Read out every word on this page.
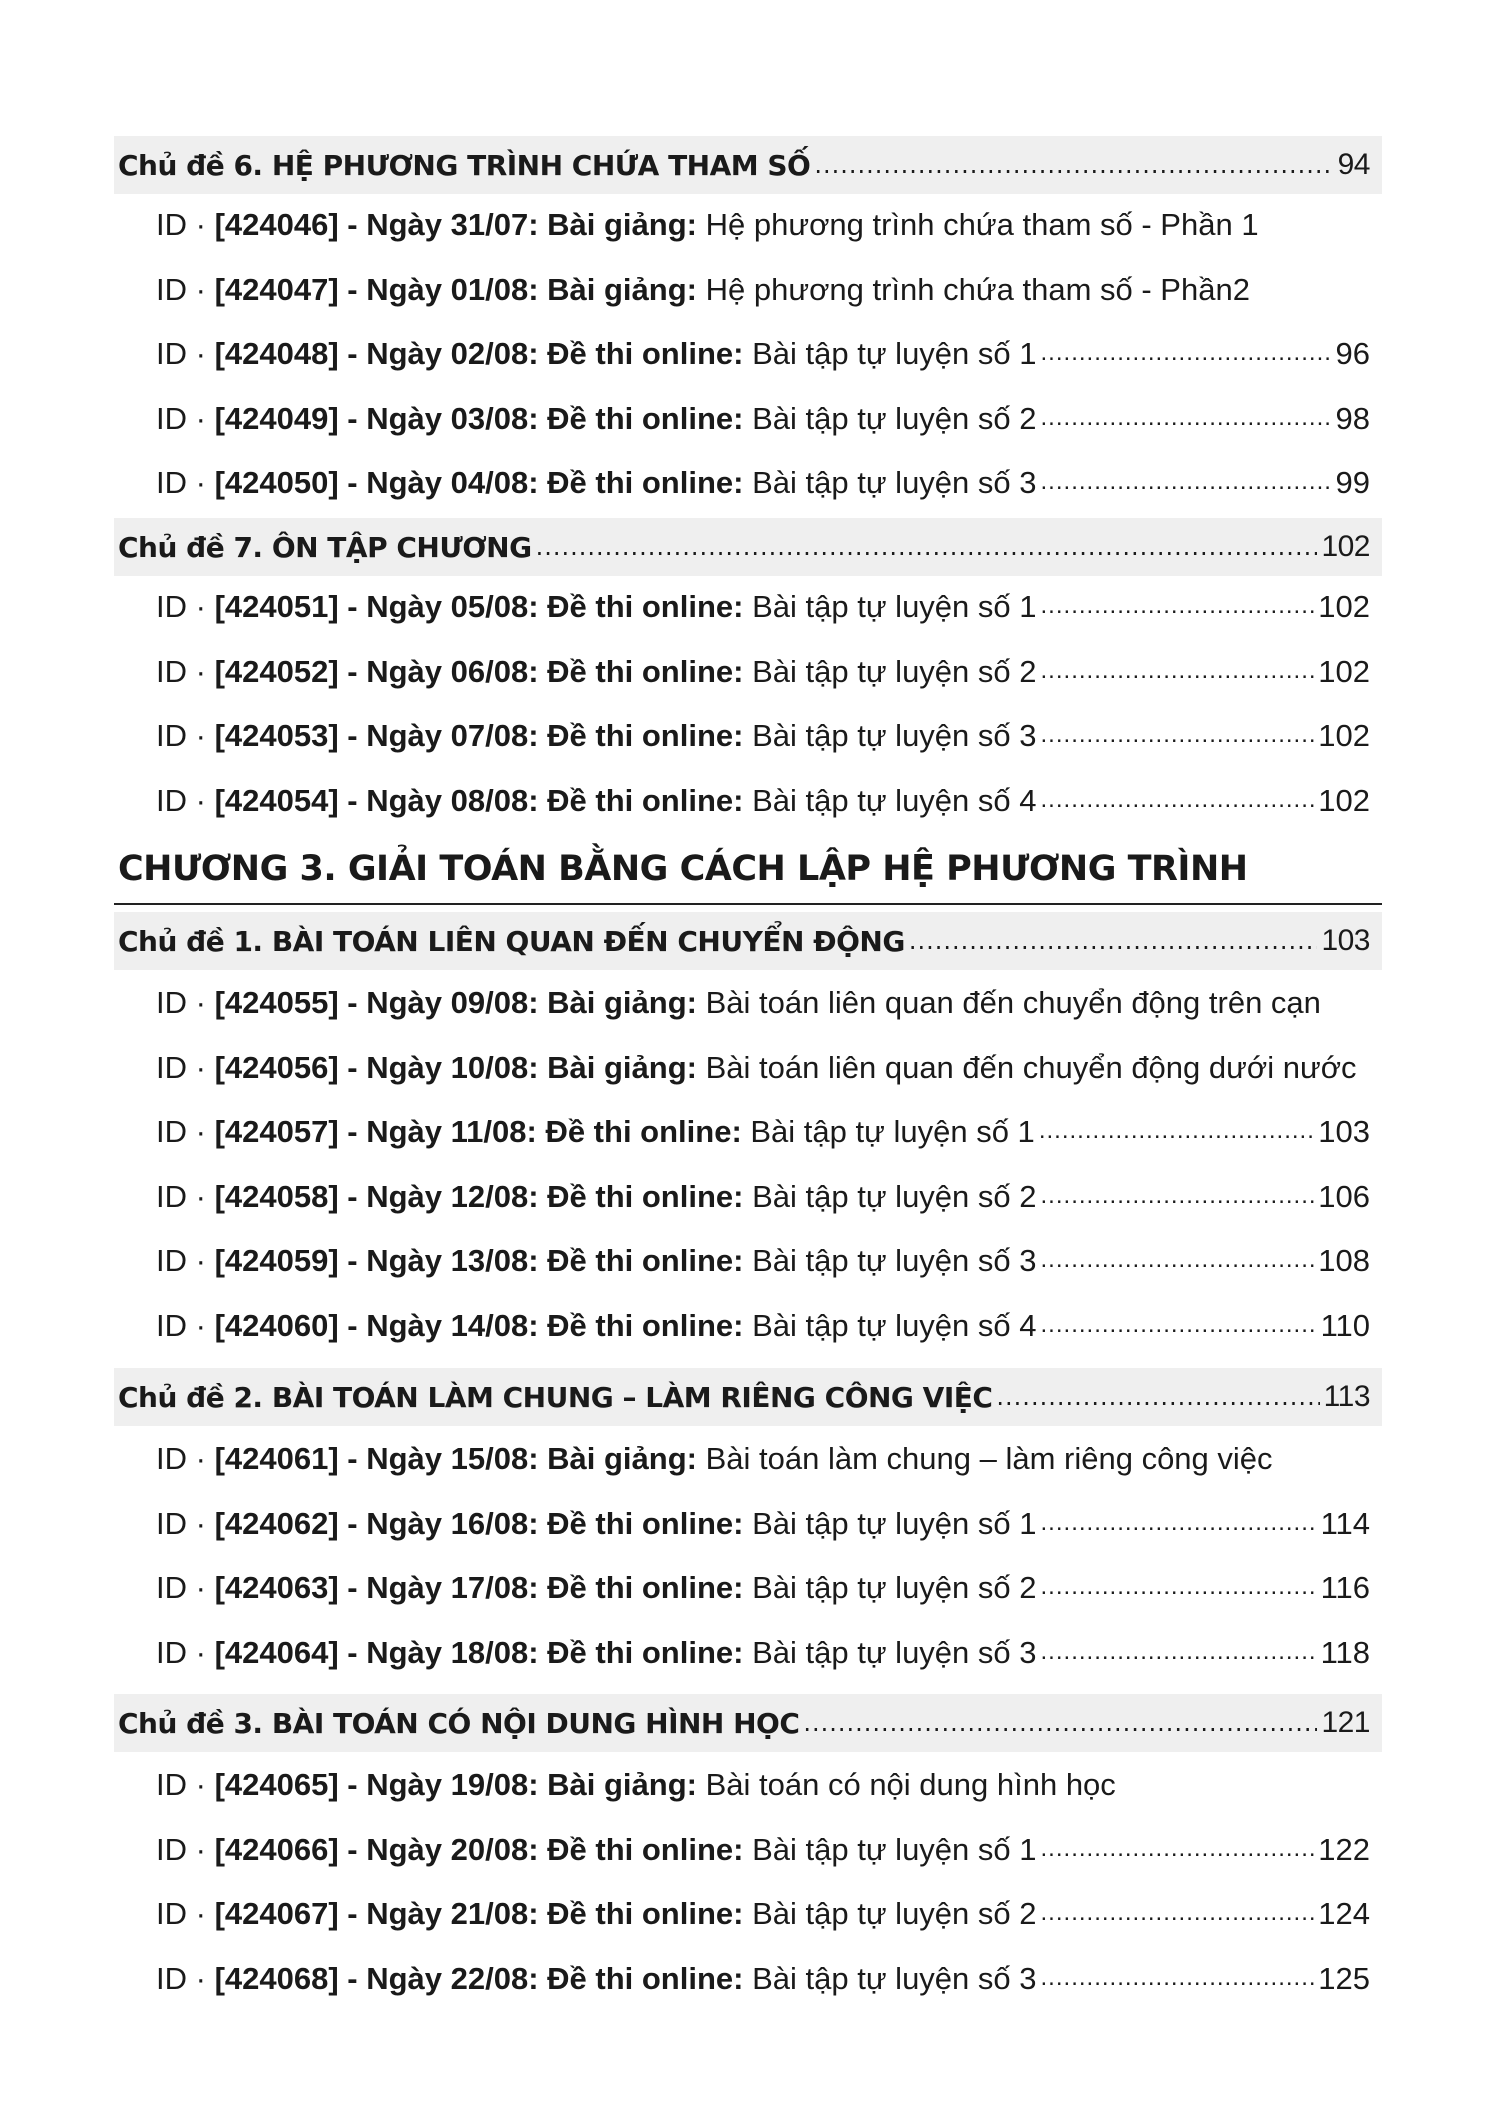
Chủ đề 6. HỆ PHƯƠNG TRÌNH CHỨA THAM SỐ .....	94
ID · [424046] - Ngày 31/07: Bài giảng: Hệ phương trình chứa tham số - Phần 1
ID · [424047] - Ngày 01/08: Bài giảng: Hệ phương trình chứa tham số - Phần2
ID · [424048] - Ngày 02/08: Đề thi online: Bài tập tự luyện số 1 .....	96
ID · [424049] - Ngày 03/08: Đề thi online: Bài tập tự luyện số 2 .....	98
ID · [424050] - Ngày 04/08: Đề thi online: Bài tập tự luyện số 3 .....	99
Chủ đề 7. ÔN TẬP CHƯƠNG .....	102
ID · [424051] - Ngày 05/08: Đề thi online: Bài tập tự luyện số 1 .....	102
ID · [424052] - Ngày 06/08: Đề thi online: Bài tập tự luyện số 2 .....	102
ID · [424053] - Ngày 07/08: Đề thi online: Bài tập tự luyện số 3 .....	102
ID · [424054] - Ngày 08/08: Đề thi online: Bài tập tự luyện số 4 .....	102
CHƯƠNG 3. GIẢI TOÁN BẰNG CÁCH LẬP HỆ PHƯƠNG TRÌNH
Chủ đề 1. BÀI TOÁN LIÊN QUAN ĐẾN CHUYỂN ĐỘNG .....	103
ID · [424055] - Ngày 09/08: Bài giảng: Bài toán liên quan đến chuyển động trên cạn
ID · [424056] - Ngày 10/08: Bài giảng: Bài toán liên quan đến chuyển động dưới nước
ID · [424057] - Ngày 11/08: Đề thi online: Bài tập tự luyện số 1 .....	103
ID · [424058] - Ngày 12/08: Đề thi online: Bài tập tự luyện số 2 .....	106
ID · [424059] - Ngày 13/08: Đề thi online: Bài tập tự luyện số 3 .....	108
ID · [424060] - Ngày 14/08: Đề thi online: Bài tập tự luyện số 4 .....	110
Chủ đề 2. BÀI TOÁN LÀM CHUNG – LÀM RIÊNG CÔNG VIỆC .....	113
ID · [424061] - Ngày 15/08: Bài giảng: Bài toán làm chung – làm riêng công việc
ID · [424062] - Ngày 16/08: Đề thi online: Bài tập tự luyện số 1 .....	114
ID · [424063] - Ngày 17/08: Đề thi online: Bài tập tự luyện số 2 .....	116
ID · [424064] - Ngày 18/08: Đề thi online: Bài tập tự luyện số 3 .....	118
Chủ đề 3. BÀI TOÁN CÓ NỘI DUNG HÌNH HỌC .....	121
ID · [424065] - Ngày 19/08: Bài giảng: Bài toán có nội dung hình học
ID · [424066] - Ngày 20/08: Đề thi online: Bài tập tự luyện số 1 .....	122
ID · [424067] - Ngày 21/08: Đề thi online: Bài tập tự luyện số 2 .....	124
ID · [424068] - Ngày 22/08: Đề thi online: Bài tập tự luyện số 3 .....	125
